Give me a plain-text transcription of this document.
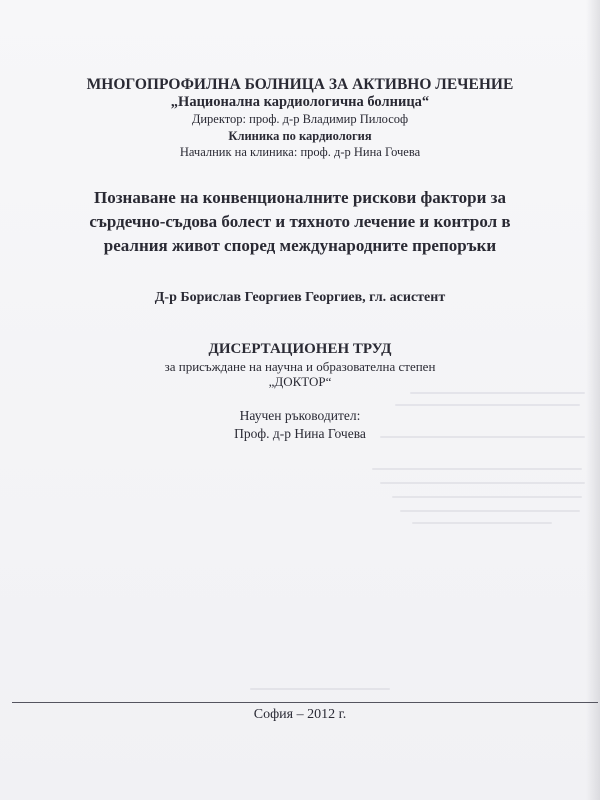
МНОГОПРОФИЛНА БОЛНИЦА ЗА АКТИВНО ЛЕЧЕНИЕ
„Национална кардиологична болница“
Директор: проф. д-р Владимир Пилософ
Клиника по кардиология
Началник на клиника: проф. д-р Нина Гочева
Познаване на конвенционалните рискови фактори за
сърдечно-съдова болест и тяхното лечение и контрол в
реалния живот според международните препоръки
Д-р Борислав Георгиев Георгиев, гл. асистент
ДИСЕРТАЦИОНЕН ТРУД
за присъждане на научна и образователна степен
„ДОКТОР“
Научен ръководител:
Проф. д-р Нина Гочева
София – 2012 г.
